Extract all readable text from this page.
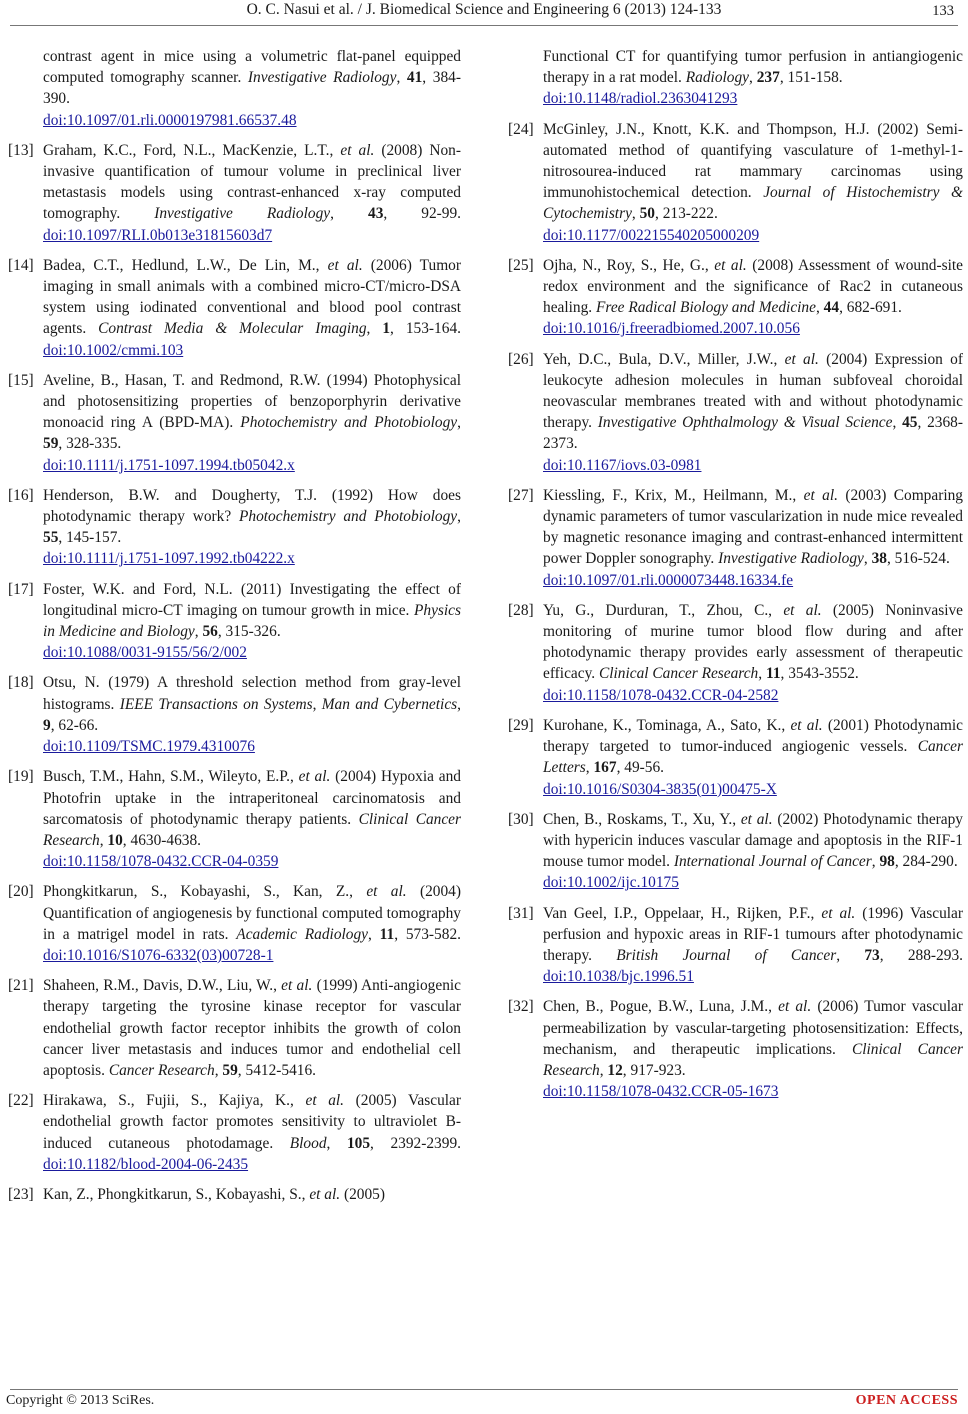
O. C. Nasui et al. / J. Biomedical Science and Engineering 6 (2013) 124-133	133
contrast agent in mice using a volumetric flat-panel equipped computed tomography scanner. Investigative Radiology, 41, 384-390.
doi:10.1097/01.rli.0000197981.66537.48
[13] Graham, K.C., Ford, N.L., MacKenzie, L.T., et al. (2008) Non-invasive quantification of tumour volume in preclinical liver metastasis models using contrast-enhanced x-ray computed tomography. Investigative Radiology, 43, 92-99. doi:10.1097/RLI.0b013e31815603d7
[14] Badea, C.T., Hedlund, L.W., De Lin, M., et al. (2006) Tumor imaging in small animals with a combined micro-CT/micro-DSA system using iodinated conventional and blood pool contrast agents. Contrast Media & Molecular Imaging, 1, 153-164. doi:10.1002/cmmi.103
[15] Aveline, B., Hasan, T. and Redmond, R.W. (1994) Photophysical and photosensitizing properties of benzoporphyrin derivative monoacid ring A (BPD-MA). Photochemistry and Photobiology, 59, 328-335.
doi:10.1111/j.1751-1097.1994.tb05042.x
[16] Henderson, B.W. and Dougherty, T.J. (1992) How does photodynamic therapy work? Photochemistry and Photobiology, 55, 145-157.
doi:10.1111/j.1751-1097.1992.tb04222.x
[17] Foster, W.K. and Ford, N.L. (2011) Investigating the effect of longitudinal micro-CT imaging on tumour growth in mice. Physics in Medicine and Biology, 56, 315-326.
doi:10.1088/0031-9155/56/2/002
[18] Otsu, N. (1979) A threshold selection method from gray-level histograms. IEEE Transactions on Systems, Man and Cybernetics, 9, 62-66.
doi:10.1109/TSMC.1979.4310076
[19] Busch, T.M., Hahn, S.M., Wileyto, E.P., et al. (2004) Hypoxia and Photofrin uptake in the intraperitoneal carcinomatosis and sarcomatosis of photodynamic therapy patients. Clinical Cancer Research, 10, 4630-4638.
doi:10.1158/1078-0432.CCR-04-0359
[20] Phongkitkarun, S., Kobayashi, S., Kan, Z., et al. (2004) Quantification of angiogenesis by functional computed tomography in a matrigel model in rats. Academic Radiology, 11, 573-582. doi:10.1016/S1076-6332(03)00728-1
[21] Shaheen, R.M., Davis, D.W., Liu, W., et al. (1999) Anti-angiogenic therapy targeting the tyrosine kinase receptor for vascular endothelial growth factor receptor inhibits the growth of colon cancer liver metastasis and induces tumor and endothelial cell apoptosis. Cancer Research, 59, 5412-5416.
[22] Hirakawa, S., Fujii, S., Kajiya, K., et al. (2005) Vascular endothelial growth factor promotes sensitivity to ultraviolet B-induced cutaneous photodamage. Blood, 105, 2392-2399. doi:10.1182/blood-2004-06-2435
[23] Kan, Z., Phongkitkarun, S., Kobayashi, S., et al. (2005)
Functional CT for quantifying tumor perfusion in antiangiogenic therapy in a rat model. Radiology, 237, 151-158.
doi:10.1148/radiol.2363041293
[24] McGinley, J.N., Knott, K.K. and Thompson, H.J. (2002) Semi-automated method of quantifying vasculature of 1-methyl-1-nitrosourea-induced rat mammary carcinomas using immunohistochemical detection. Journal of Histochemistry & Cytochemistry, 50, 213-222.
doi:10.1177/002215540205000209
[25] Ojha, N., Roy, S., He, G., et al. (2008) Assessment of wound-site redox environment and the significance of Rac2 in cutaneous healing. Free Radical Biology and Medicine, 44, 682-691.
doi:10.1016/j.freeradbiomed.2007.10.056
[26] Yeh, D.C., Bula, D.V., Miller, J.W., et al. (2004) Expression of leukocyte adhesion molecules in human subfoveal choroidal neovascular membranes treated with and without photodynamic therapy. Investigative Ophthalmology & Visual Science, 45, 2368-2373.
doi:10.1167/iovs.03-0981
[27] Kiessling, F., Krix, M., Heilmann, M., et al. (2003) Comparing dynamic parameters of tumor vascularization in nude mice revealed by magnetic resonance imaging and contrast-enhanced intermittent power Doppler sonography. Investigative Radiology, 38, 516-524.
doi:10.1097/01.rli.0000073448.16334.fe
[28] Yu, G., Durduran, T., Zhou, C., et al. (2005) Noninvasive monitoring of murine tumor blood flow during and after photodynamic therapy provides early assessment of therapeutic efficacy. Clinical Cancer Research, 11, 3543-3552.
doi:10.1158/1078-0432.CCR-04-2582
[29] Kurohane, K., Tominaga, A., Sato, K., et al. (2001) Photodynamic therapy targeted to tumor-induced angiogenic vessels. Cancer Letters, 167, 49-56.
doi:10.1016/S0304-3835(01)00475-X
[30] Chen, B., Roskams, T., Xu, Y., et al. (2002) Photodynamic therapy with hypericin induces vascular damage and apoptosis in the RIF-1 mouse tumor model. International Journal of Cancer, 98, 284-290.
doi:10.1002/ijc.10175
[31] Van Geel, I.P., Oppelaar, H., Rijken, P.F., et al. (1996) Vascular perfusion and hypoxic areas in RIF-1 tumours after photodynamic therapy. British Journal of Cancer, 73, 288-293. doi:10.1038/bjc.1996.51
[32] Chen, B., Pogue, B.W., Luna, J.M., et al. (2006) Tumor vascular permeabilization by vascular-targeting photosensitization: Effects, mechanism, and therapeutic implications. Clinical Cancer Research, 12, 917-923.
doi:10.1158/1078-0432.CCR-05-1673
Copyright © 2013 SciRes.	OPEN ACCESS
